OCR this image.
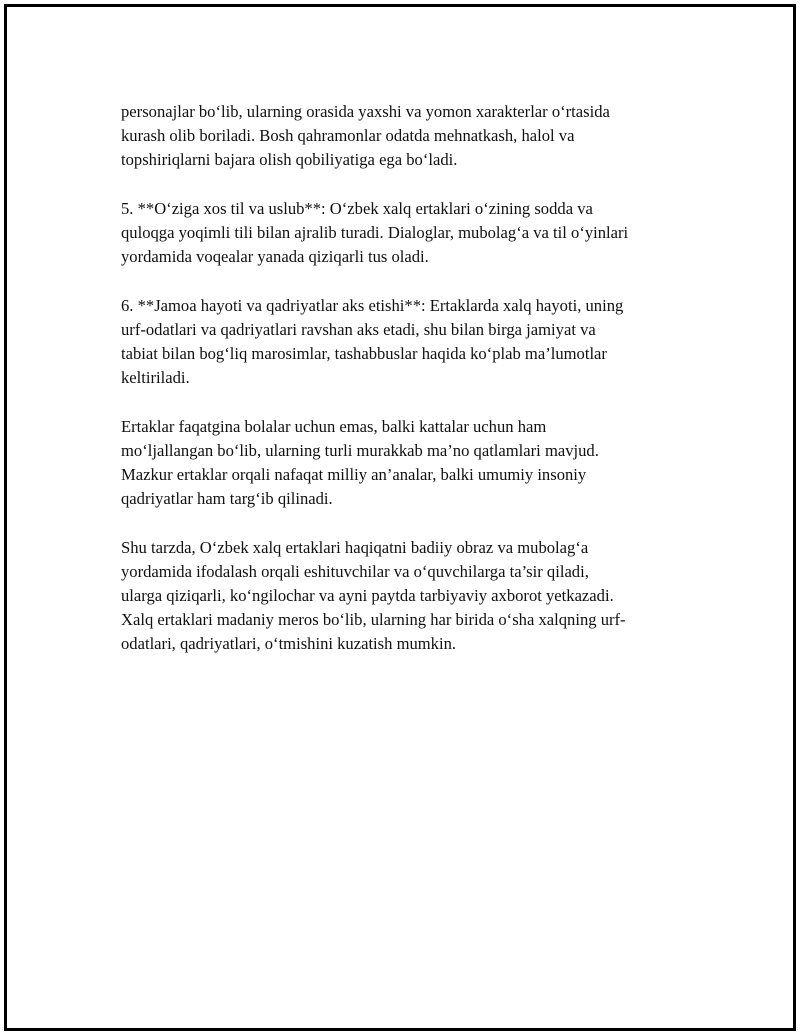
personajlar bo‘lib, ularning orasida yaxshi va yomon xarakterlar o‘rtasida
kurash olib boriladi. Bosh qahramonlar odatda mehnatkash, halol va
topshiriqlarni bajara olish qobiliyatiga ega bo‘ladi.

5. **O‘ziga xos til va uslub**: O‘zbek xalq ertaklari o‘zining sodda va
quloqga yoqimli tili bilan ajralib turadi. Dialoglar, mubolag‘a va til o‘yinlari
yordamida voqealar yanada qiziqarli tus oladi.

6. **Jamoa hayoti va qadriyatlar aks etishi**: Ertaklarda xalq hayoti, uning
urf-odatlari va qadriyatlari ravshan aks etadi, shu bilan birga jamiyat va
tabiat bilan bog‘liq marosimlar, tashabbuslar haqida ko‘plab ma’lumotlar
keltiriladi.

Ertaklar faqatgina bolalar uchun emas, balki kattalar uchun ham
mo‘ljallangan bo‘lib, ularning turli murakkab ma’no qatlamlari mavjud.
Mazkur ertaklar orqali nafaqat milliy an’analar, balki umumiy insoniy
qadriyatlar ham targ‘ib qilinadi.

Shu tarzda, O‘zbek xalq ertaklari haqiqatni badiiy obraz va mubolag‘a
yordamida ifodalash orqali eshituvchilar va o‘quvchilarga ta’sir qiladi,
ularga qiziqarli, ko‘ngilochar va ayni paytda tarbiyaviy axborot yetkazadi.
Xalq ertaklari madaniy meros bo‘lib, ularning har birida o‘sha xalqning urf-
odatlari, qadriyatlari, o‘tmishini kuzatish mumkin.
